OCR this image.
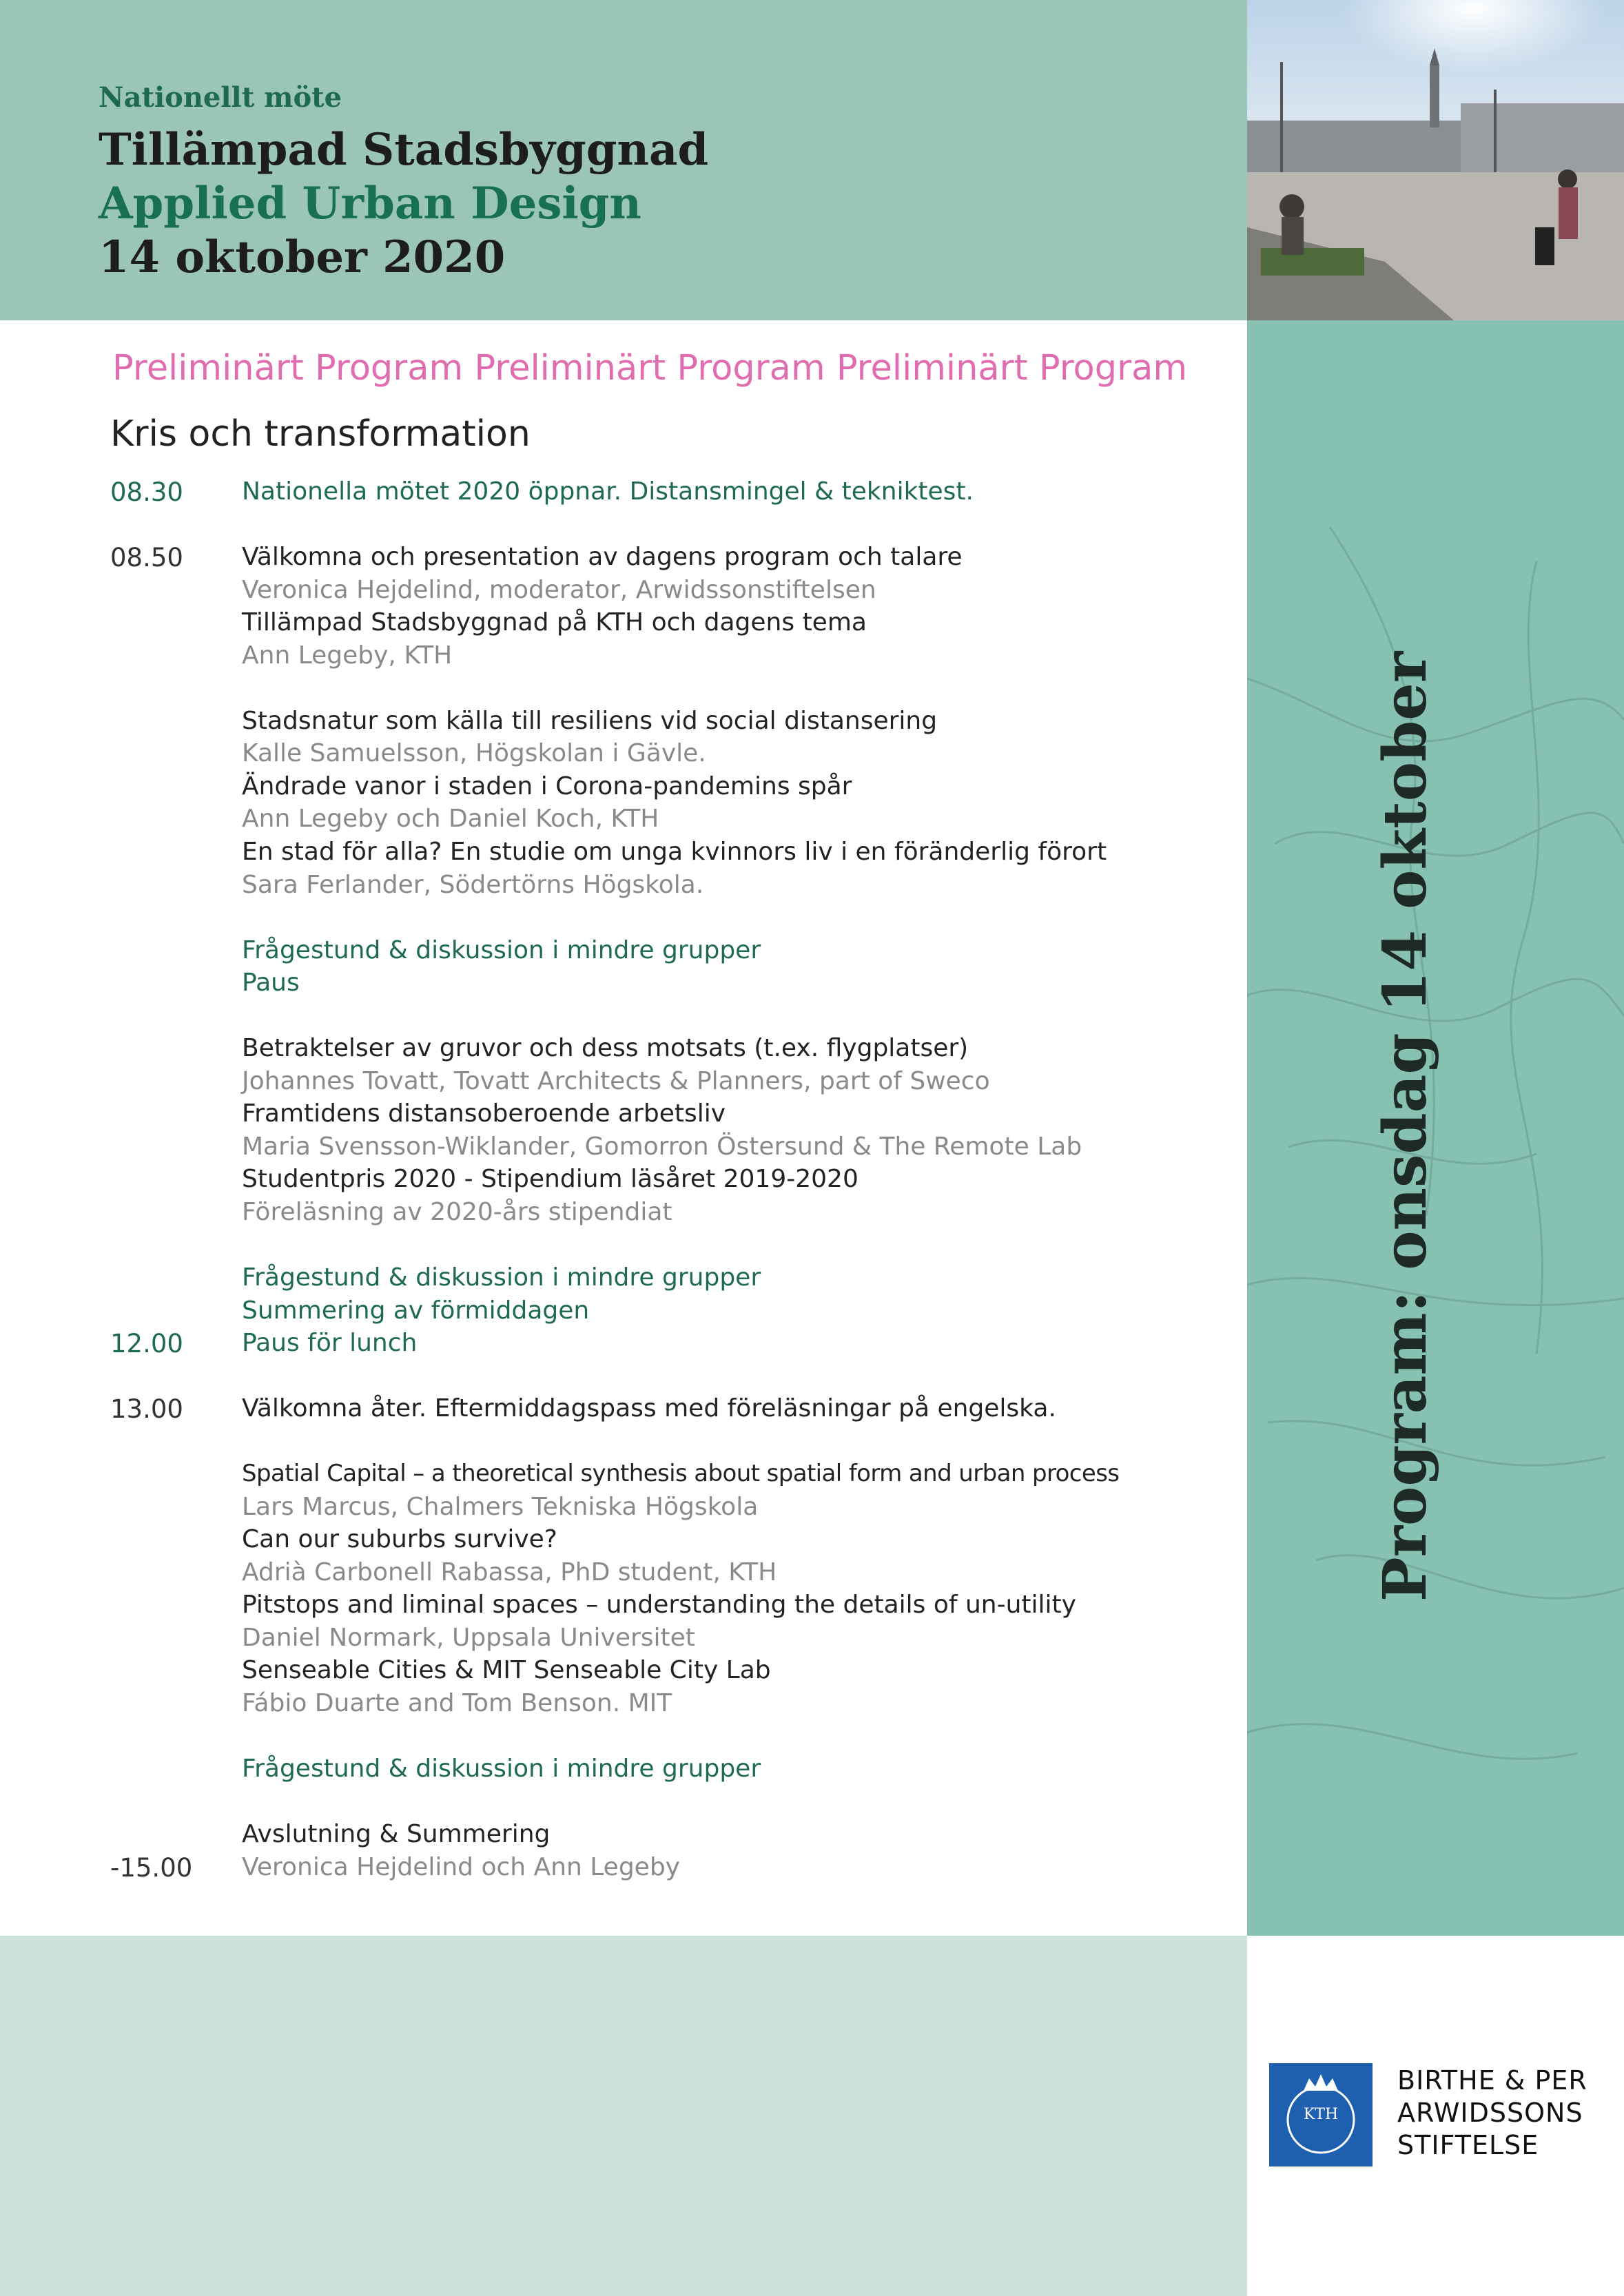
Nationellt möte
Tillämpad Stadsbyggnad
Applied Urban Design
14 oktober 2020
Program: onsdag 14 oktober
Preliminärt Program Preliminärt Program Preliminärt Program
Kris och transformation
08.30
08.50
12.00
13.00
-15.00
Nationella mötet 2020 öppnar. Distansmingel & tekniktest.
Välkomna och presentation av dagens program och talare
Veronica Hejdelind, moderator, Arwidssonstiftelsen
Tillämpad Stadsbyggnad på KTH och dagens tema
Ann Legeby, KTH
Stadsnatur som källa till resiliens vid social distansering
Kalle Samuelsson, Högskolan i Gävle.
Ändrade vanor i staden i Corona-pandemins spår
Ann Legeby och Daniel Koch, KTH
En stad för alla? En studie om unga kvinnors liv i en föränderlig förort
Sara Ferlander, Södertörns Högskola.
Frågestund & diskussion i mindre grupper
Paus
Betraktelser av gruvor och dess motsats (t.ex. flygplatser)
Johannes Tovatt, Tovatt Architects & Planners, part of Sweco
Framtidens distansoberoende arbetsliv
Maria Svensson-Wiklander, Gomorron Östersund & The Remote Lab
Studentpris 2020 - Stipendium läsåret 2019-2020
Föreläsning av 2020-års stipendiat
Frågestund & diskussion i mindre grupper
Summering av förmiddagen
Paus för lunch
Välkomna åter. Eftermiddagspass med föreläsningar på engelska.
Spatial Capital – a theoretical synthesis about spatial form and urban process
Lars Marcus, Chalmers Tekniska Högskola
Can our suburbs survive?
Adrià Carbonell Rabassa, PhD student, KTH
Pitstops and liminal spaces – understanding the details of un-utility
Daniel Normark, Uppsala Universitet
Senseable Cities & MIT Senseable City Lab
Fábio Duarte and Tom Benson. MIT
Frågestund & diskussion i mindre grupper
Avslutning & Summering
Veronica Hejdelind och Ann Legeby
KTH
BIRTHE & PER
ARWIDSSONS
STIFTELSE
